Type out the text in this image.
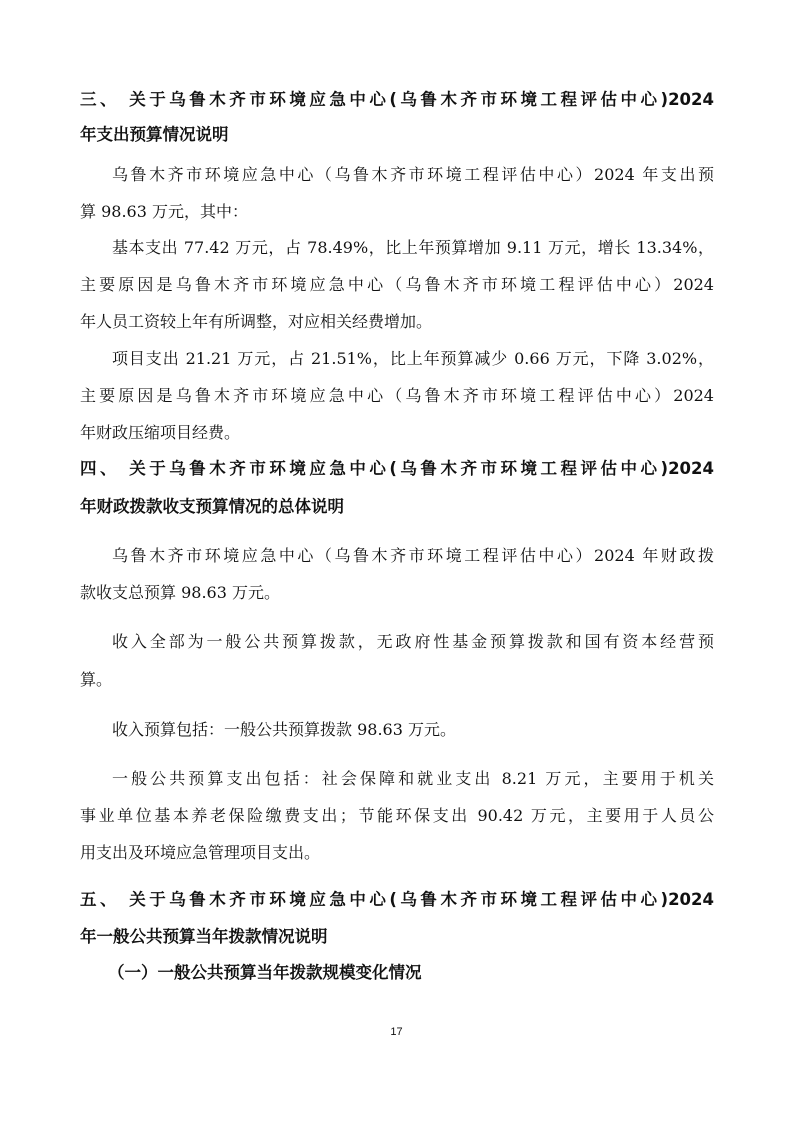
三、 关于乌鲁木齐市环境应急中心(乌鲁木齐市环境工程评估中心)2024
年支出预算情况说明
乌鲁木齐市环境应急中心（乌鲁木齐市环境工程评估中心）2024 年支出预
算 98.63 万元，其中：
基本支出 77.42 万元，占 78.49%，比上年预算增加 9.11 万元，增长 13.34%，
主要原因是乌鲁木齐市环境应急中心（乌鲁木齐市环境工程评估中心）2024
年人员工资较上年有所调整，对应相关经费增加。
项目支出 21.21 万元，占 21.51%，比上年预算减少 0.66 万元，下降 3.02%，
主要原因是乌鲁木齐市环境应急中心（乌鲁木齐市环境工程评估中心）2024
年财政压缩项目经费。
四、 关于乌鲁木齐市环境应急中心(乌鲁木齐市环境工程评估中心)2024
年财政拨款收支预算情况的总体说明
乌鲁木齐市环境应急中心（乌鲁木齐市环境工程评估中心）2024 年财政拨
款收支总预算 98.63 万元。
收入全部为一般公共预算拨款，无政府性基金预算拨款和国有资本经营预
算。
收入预算包括：一般公共预算拨款 98.63 万元。
一般公共预算支出包括：社会保障和就业支出 8.21 万元，主要用于机关
事业单位基本养老保险缴费支出；节能环保支出 90.42 万元，主要用于人员公
用支出及环境应急管理项目支出。
五、 关于乌鲁木齐市环境应急中心(乌鲁木齐市环境工程评估中心)2024
年一般公共预算当年拨款情况说明
（一）一般公共预算当年拨款规模变化情况
17
